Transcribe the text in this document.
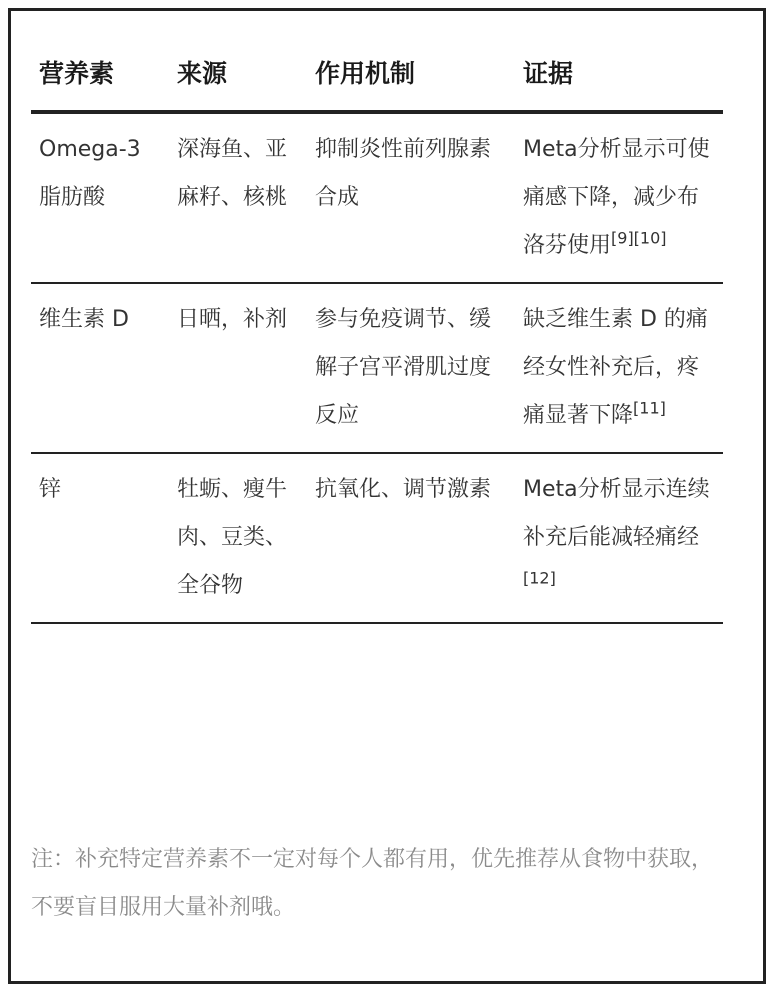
营养素	来源	作用机制	证据
Omega-3 脂肪酸	深海鱼、亚麻籽、核桃	抑制炎性前列腺素合成	Meta分析显示可使痛感下降，减少布洛芬使用[9][10]
维生素 D	日晒，补剂	参与免疫调节、缓解子宫平滑肌过度反应	缺乏维生素 D 的痛经女性补充后，疼痛显著下降[11]
锌	牡蛎、瘦牛肉、豆类、全谷物	抗氧化、调节激素	Meta分析显示连续补充后能减轻痛经[12]
注：补充特定营养素不一定对每个人都有用，优先推荐从食物中获取，不要盲目服用大量补剂哦。
